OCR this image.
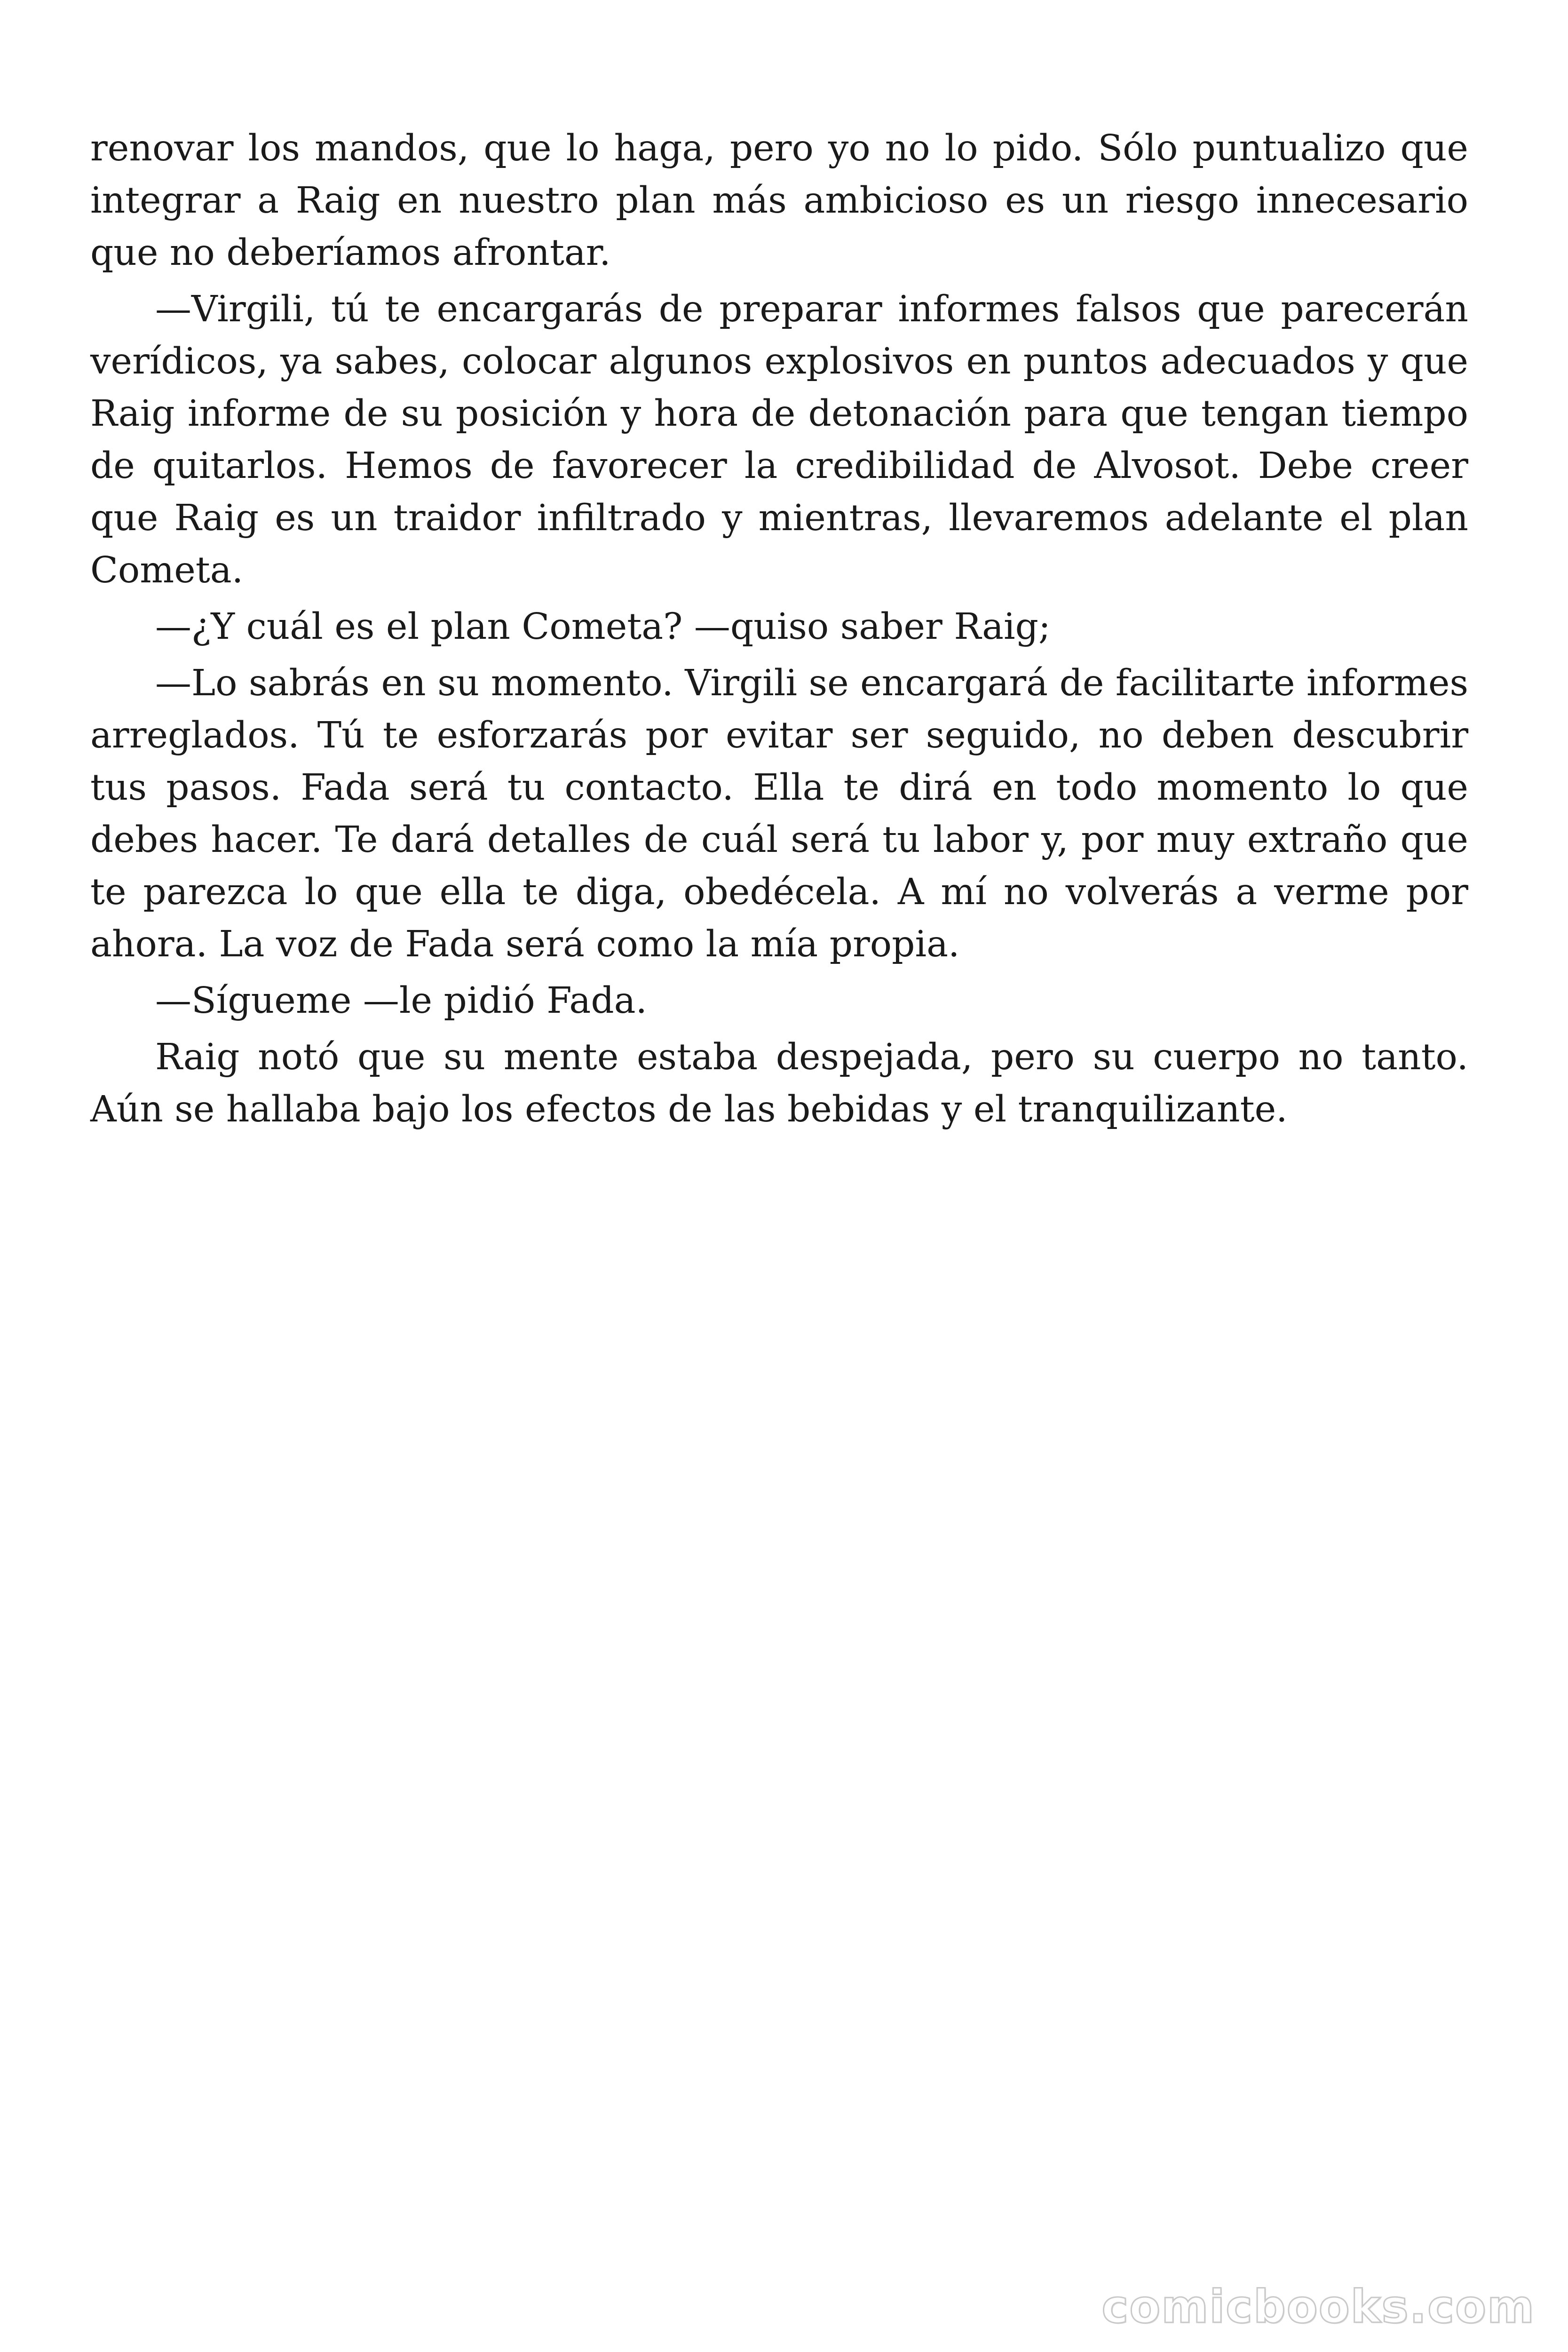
renovar los mandos, que lo haga, pero yo no lo pido. Sólo puntualizo que integrar a Raig en nuestro plan más ambicioso es un riesgo innecesario que no deberíamos afrontar.

—Virgili, tú te encargarás de preparar informes falsos que parecerán verídicos, ya sabes, colocar algunos explosivos en puntos adecuados y que Raig informe de su posición y hora de detonación para que tengan tiempo de quitarlos. Hemos de favorecer la credibilidad de Alvosot. Debe creer que Raig es un traidor infiltrado y mientras, llevaremos adelante el plan Cometa.

—¿Y cuál es el plan Cometa? —quiso saber Raig;

—Lo sabrás en su momento. Virgili se encargará de facilitarte informes arreglados. Tú te esforzarás por evitar ser seguido, no deben descubrir tus pasos. Fada será tu contacto. Ella te dirá en todo momento lo que debes hacer. Te dará detalles de cuál será tu labor y, por muy extraño que te parezca lo que ella te diga, obedécela. A mí no volverás a verme por ahora. La voz de Fada será como la mía propia.

—Sígueme —le pidió Fada.

Raig notó que su mente estaba despejada, pero su cuerpo no tanto. Aún se hallaba bajo los efectos de las bebidas y el tranquilizante.

comicbooks.com
